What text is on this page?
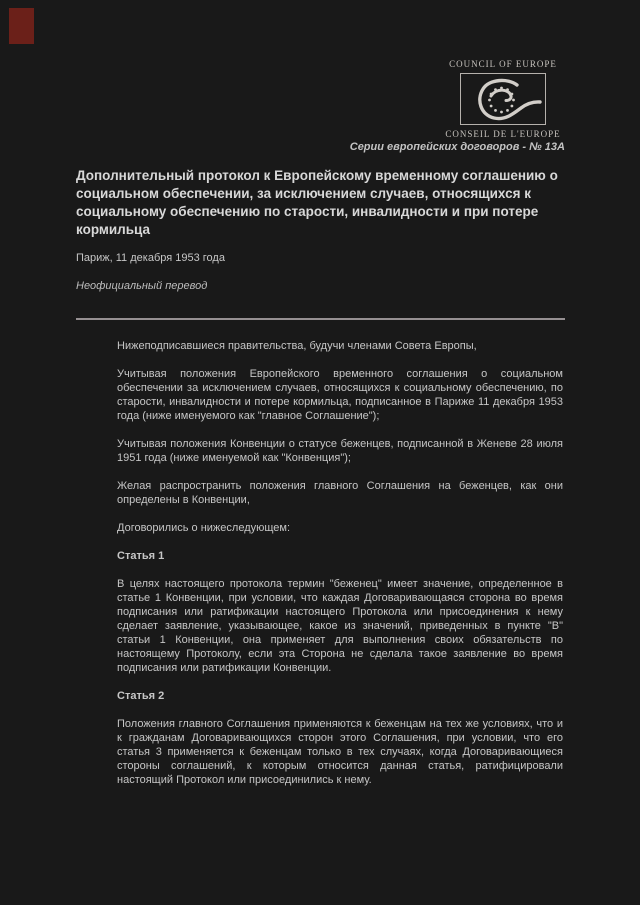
COUNCIL OF EUROPE
CONSEIL DE L'EUROPE
Серии европейских договоров - № 13А
Дополнительный протокол к Европейскому временному соглашению о социальном обеспечении, за исключением случаев, относящихся к социальному обеспечению по старости, инвалидности и при потере кормильца

Париж, 11 декабря 1953 года

Неофициальный перевод

Нижеподписавшиеся правительства, будучи членами Совета Европы,

Учитывая положения Европейского временного соглашения о социальном обеспечении за исключением случаев, относящихся к социальному обеспечению, по старости, инвалидности и потере кормильца, подписанное в Париже 11 декабря 1953 года (ниже именуемого как "главное Соглашение");

Учитывая положения Конвенции о статусе беженцев, подписанной в Женеве 28 июля 1951 года (ниже именуемой как "Конвенция");

Желая распространить положения главного Соглашения на беженцев, как они определены в Конвенции,

Договорились о нижеследующем:

Статья 1

В целях настоящего протокола термин "беженец" имеет значение, определенное в статье 1 Конвенции, при условии, что каждая Договаривающаяся сторона во время подписания или ратификации настоящего Протокола или присоединения к нему сделает заявление, указывающее, какое из значений, приведенных в пункте "В" статьи 1 Конвенции, она применяет для выполнения своих обязательств по настоящему Протоколу, если эта Сторона не сделала такое заявление во время подписания или ратификации Конвенции.

Статья 2

Положения главного Соглашения применяются к беженцам на тех же условиях, что и к гражданам Договаривающихся сторон этого Соглашения, при условии, что его статья 3 применяется к беженцам только в тех случаях, когда Договаривающиеся стороны соглашений, к которым относится данная статья, ратифицировали настоящий Протокол или присоединились к нему.
